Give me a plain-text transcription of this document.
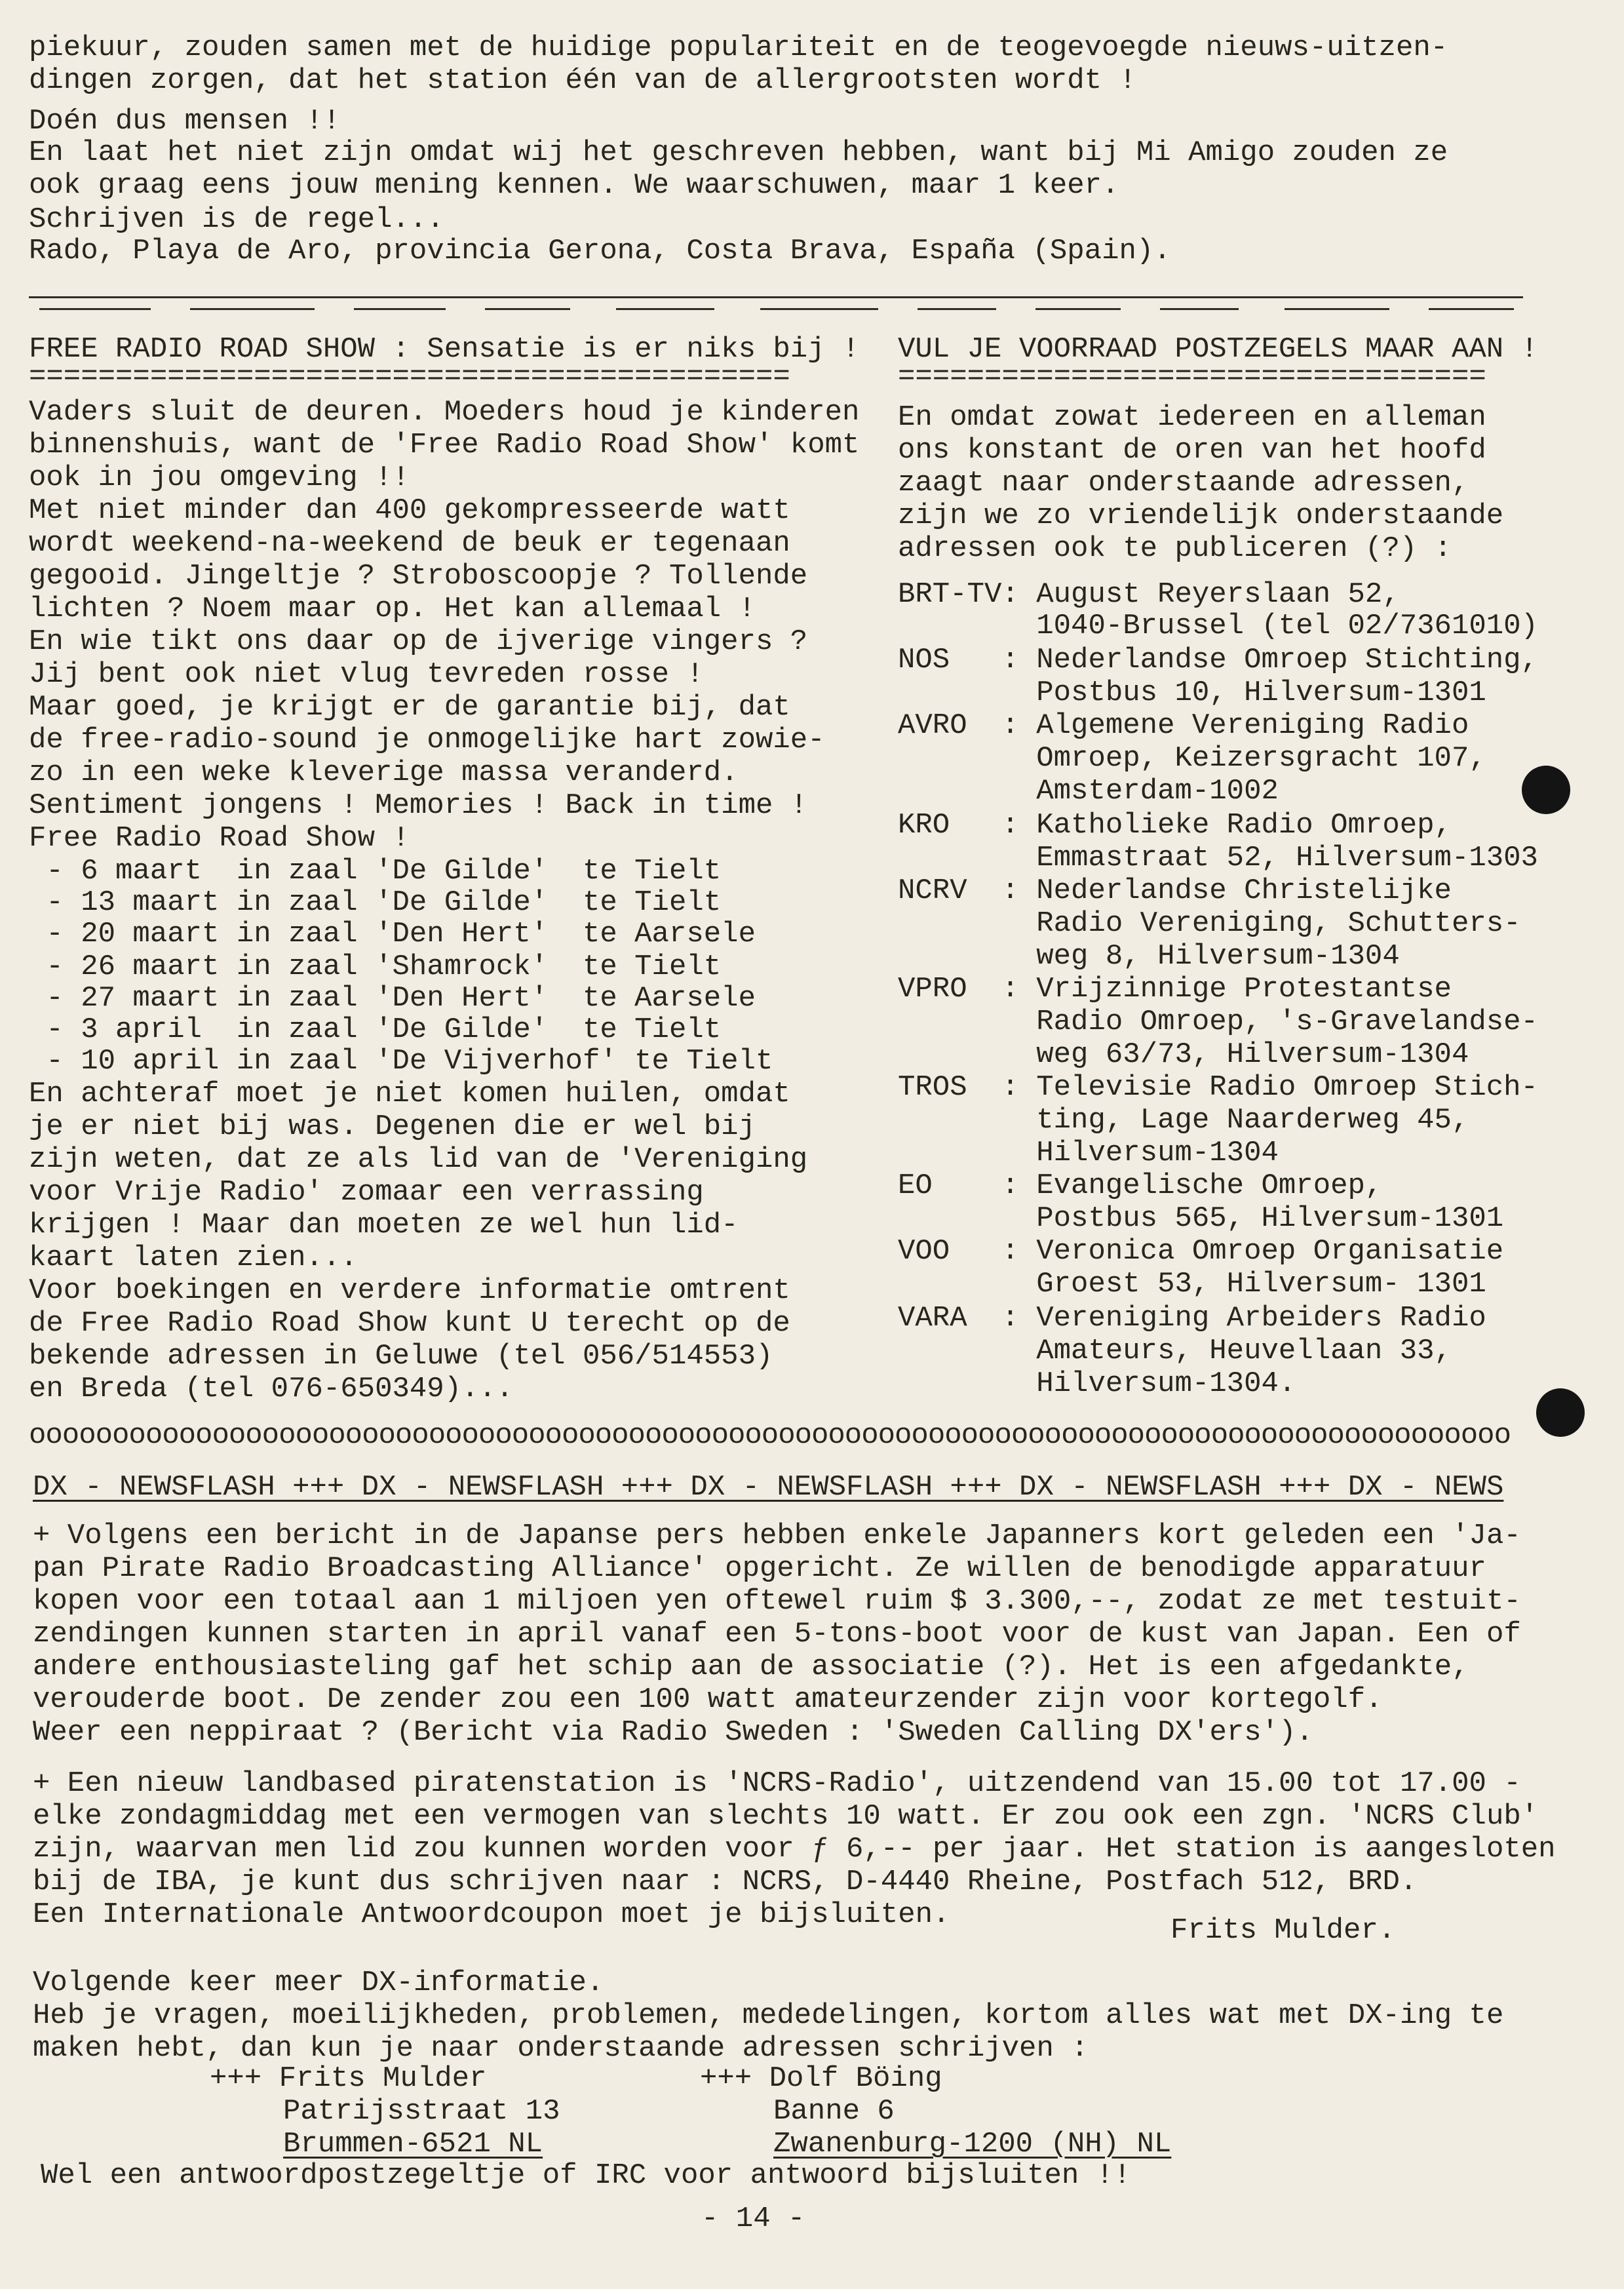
piekuur, zouden samen met de huidige populariteit en de teogevoegde nieuws-uitzen-
dingen zorgen, dat het station één van de allergrootsten wordt !
Doén dus mensen !!
En laat het niet zijn omdat wij het geschreven hebben, want bij Mi Amigo zouden ze
ook graag eens jouw mening kennen. We waarschuwen, maar 1 keer.
Schrijven is de regel...
Rado, Playa de Aro, provincia Gerona, Costa Brava, España (Spain).
FREE RADIO ROAD SHOW : Sensatie is er niks bij !
============================================
Vaders sluit de deuren. Moeders houd je kinderen
binnenshuis, want de 'Free Radio Road Show' komt
ook in jou omgeving !!
Met niet minder dan 400 gekompresseerde watt
wordt weekend-na-weekend de beuk er tegenaan
gegooid. Jingeltje ? Stroboscoopje ? Tollende
lichten ? Noem maar op. Het kan allemaal !
En wie tikt ons daar op de ijverige vingers ?
Jij bent ook niet vlug tevreden rosse !
Maar goed, je krijgt er de garantie bij, dat
de free-radio-sound je onmogelijke hart zowie-
zo in een weke kleverige massa veranderd.
Sentiment jongens ! Memories ! Back in time !
Free Radio Road Show !
- 6 maart  in zaal 'De Gilde'  te Tielt
- 13 maart in zaal 'De Gilde'  te Tielt
- 20 maart in zaal 'Den Hert'  te Aarsele
- 26 maart in zaal 'Shamrock'  te Tielt
- 27 maart in zaal 'Den Hert'  te Aarsele
- 3 april  in zaal 'De Gilde'  te Tielt
- 10 april in zaal 'De Vijverhof' te Tielt
En achteraf moet je niet komen huilen, omdat
je er niet bij was. Degenen die er wel bij
zijn weten, dat ze als lid van de 'Vereniging
voor Vrije Radio' zomaar een verrassing
krijgen ! Maar dan moeten ze wel hun lid-
kaart laten zien...
Voor boekingen en verdere informatie omtrent
de Free Radio Road Show kunt U terecht op de
bekende adressen in Geluwe (tel 056/514553)
en Breda (tel 076-650349)...
VUL JE VOORRAAD POSTZEGELS MAAR AAN !
==================================
En omdat zowat iedereen en alleman
ons konstant de oren van het hoofd
zaagt naar onderstaande adressen,
zijn we zo vriendelijk onderstaande
adressen ook te publiceren (?) :
BRT-TV: August Reyerslaan 52,
1040-Brussel (tel 02/7361010)
NOS   : Nederlandse Omroep Stichting,
Postbus 10, Hilversum-1301
AVRO  : Algemene Vereniging Radio
Omroep, Keizersgracht 107,
Amsterdam-1002
KRO   : Katholieke Radio Omroep,
Emmastraat 52, Hilversum-1303
NCRV  : Nederlandse Christelijke
Radio Vereniging, Schutters-
weg 8, Hilversum-1304
VPRO  : Vrijzinnige Protestantse
Radio Omroep, 's-Gravelandse-
weg 63/73, Hilversum-1304
TROS  : Televisie Radio Omroep Stich-
ting, Lage Naarderweg 45,
Hilversum-1304
EO    : Evangelische Omroep,
Postbus 565, Hilversum-1301
VOO   : Veronica Omroep Organisatie
Groest 53, Hilversum- 1301
VARA  : Vereniging Arbeiders Radio
Amateurs, Heuvellaan 33,
Hilversum-1304.
ooooooooooooooooooooooooooooooooooooooooooooooooooooooooooooooooooooooooooooooooooooooooo
DX - NEWSFLASH +++ DX - NEWSFLASH +++ DX - NEWSFLASH +++ DX - NEWSFLASH +++ DX - NEWS
+ Volgens een bericht in de Japanse pers hebben enkele Japanners kort geleden een 'Ja-
pan Pirate Radio Broadcasting Alliance' opgericht. Ze willen de benodigde apparatuur
kopen voor een totaal aan 1 miljoen yen oftewel ruim $ 3.300,--, zodat ze met testuit-
zendingen kunnen starten in april vanaf een 5-tons-boot voor de kust van Japan. Een of
andere enthousiasteling gaf het schip aan de associatie (?). Het is een afgedankte,
verouderde boot. De zender zou een 100 watt amateurzender zijn voor kortegolf.
Weer een neppiraat ? (Bericht via Radio Sweden : 'Sweden Calling DX'ers').
+ Een nieuw landbased piratenstation is 'NCRS-Radio', uitzendend van 15.00 tot 17.00 -
elke zondagmiddag met een vermogen van slechts 10 watt. Er zou ook een zgn. 'NCRS Club'
zijn, waarvan men lid zou kunnen worden voor ƒ 6,-- per jaar. Het station is aangesloten
bij de IBA, je kunt dus schrijven naar : NCRS, D-4440 Rheine, Postfach 512, BRD.
Een Internationale Antwoordcoupon moet je bijsluiten.	Frits Mulder.
Volgende keer meer DX-informatie.
Heb je vragen, moeilijkheden, problemen, mededelingen, kortom alles wat met DX-ing te
maken hebt, dan kun je naar onderstaande adressen schrijven :
+++ Frits Mulder
Patrijsstraat 13
Brummen-6521 NL
+++ Dolf Böing
Banne 6
Zwanenburg-1200 (NH) NL
Wel een antwoordpostzegeltje of IRC voor antwoord bijsluiten !!
- 14 -
